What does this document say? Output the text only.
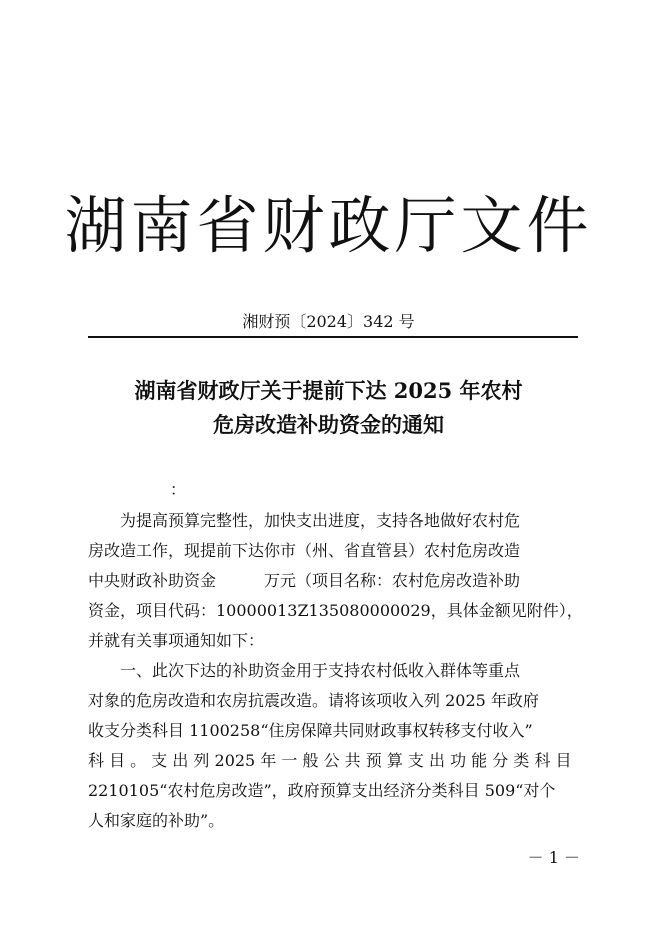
湖南省财政厅文件
湘财预〔2024〕342 号
湖南省财政厅关于提前下达 2025 年农村
危房改造补助资金的通知
：
为提高预算完整性，加快支出进度，支持各地做好农村危
房改造工作，现提前下达你市（州、省直管县）农村危房改造
中央财政补助资金　　　万元（项目名称：农村危房改造补助
资金，项目代码：10000013Z135080000029，具体金额见附件），
并就有关事项通知如下：
一、此次下达的补助资金用于支持农村低收入群体等重点
对象的危房改造和农房抗震改造。请将该项收入列 2025 年政府
收支分类科目 1100258“住房保障共同财政事权转移支付收入”
科 目 。 支 出 列 2025 年 一 般 公 共 预 算 支 出 功 能 分 类 科 目
2210105“农村危房改造”，政府预算支出经济分类科目 509“对个
人和家庭的补助”。
－ 1 －
